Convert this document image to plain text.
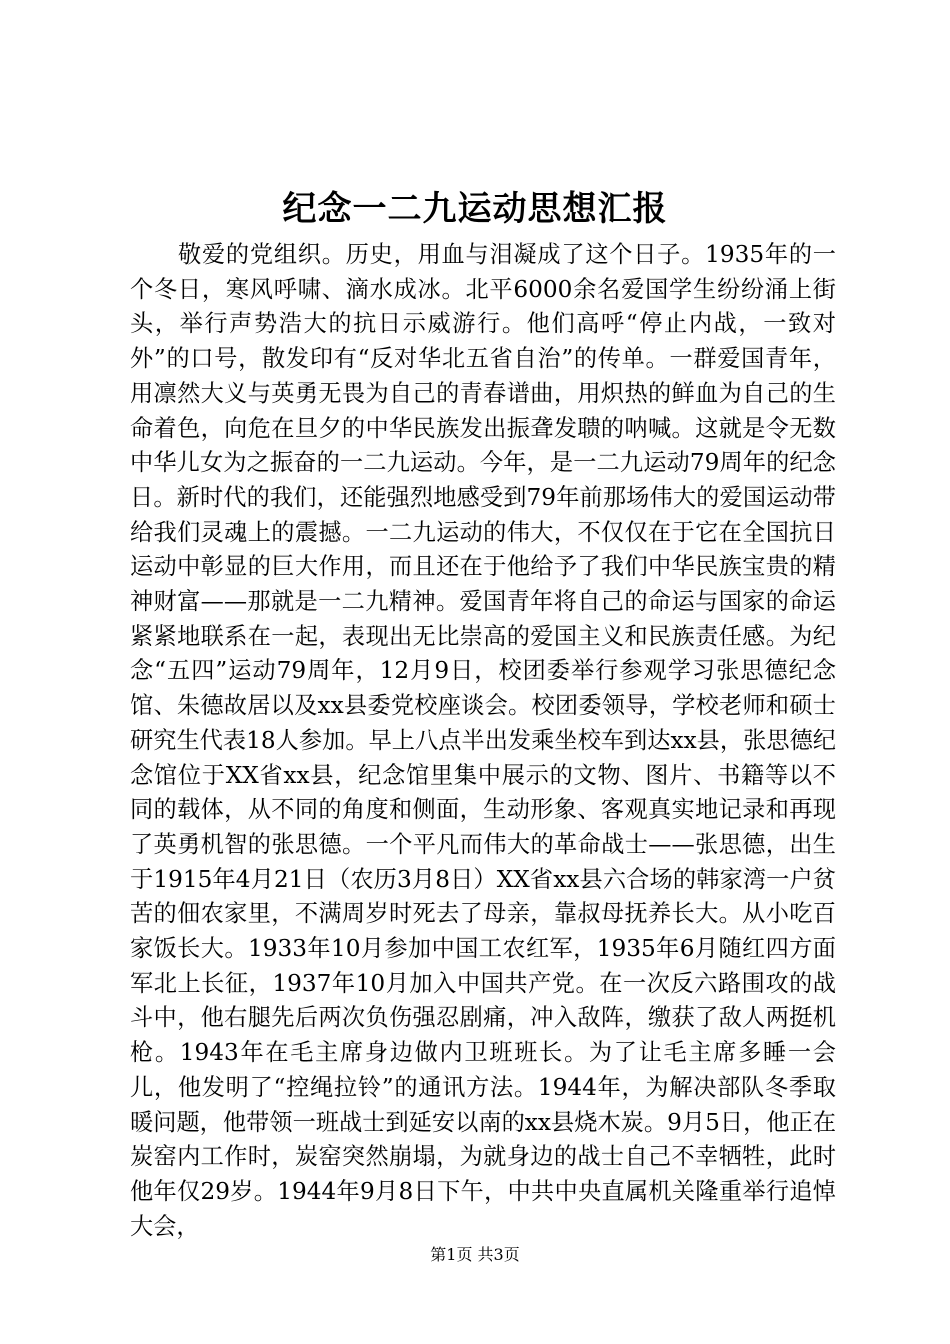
纪念一二九运动思想汇报

敬爱的党组织。历史，用血与泪凝成了这个日子。1935年的一个冬日，寒风呼啸、滴水成冰。北平6000余名爱国学生纷纷涌上街头，举行声势浩大的抗日示威游行。他们高呼“停止内战，一致对外”的口号，散发印有“反对华北五省自治”的传单。一群爱国青年，用凛然大义与英勇无畏为自己的青春谱曲，用炽热的鲜血为自己的生命着色，向危在旦夕的中华民族发出振聋发聩的呐喊。这就是令无数中华儿女为之振奋的一二九运动。今年，是一二九运动79周年的纪念日。新时代的我们，还能强烈地感受到79年前那场伟大的爱国运动带给我们灵魂上的震撼。一二九运动的伟大，不仅仅在于它在全国抗日运动中彰显的巨大作用，而且还在于他给予了我们中华民族宝贵的精神财富——那就是一二九精神。爱国青年将自己的命运与国家的命运紧紧地联系在一起，表现出无比崇高的爱国主义和民族责任感。为纪念“五四”运动79周年，12月9日，校团委举行参观学习张思德纪念馆、朱德故居以及xx县委党校座谈会。校团委领导，学校老师和硕士研究生代表18人参加。早上八点半出发乘坐校车到达xx县，张思德纪念馆位于XX省xx县，纪念馆里集中展示的文物、图片、书籍等以不同的载体，从不同的角度和侧面，生动形象、客观真实地记录和再现了英勇机智的张思德。一个平凡而伟大的革命战士——张思德，出生于1915年4月21日（农历3月8日）XX省xx县六合场的韩家湾一户贫苦的佃农家里，不满周岁时死去了母亲，靠叔母抚养长大。从小吃百家饭长大。1933年10月参加中国工农红军，1935年6月随红四方面军北上长征，1937年10月加入中国共产党。在一次反六路围攻的战斗中，他右腿先后两次负伤强忍剧痛，冲入敌阵，缴获了敌人两挺机枪。1943年在毛主席身边做内卫班班长。为了让毛主席多睡一会儿，他发明了“控绳拉铃”的通讯方法。1944年，为解决部队冬季取暖问题，他带领一班战士到延安以南的xx县烧木炭。9月5日，他正在炭窑内工作时，炭窑突然崩塌，为就身边的战士自己不幸牺牲，此时他年仅29岁。1944年9月8日下午，中共中央直属机关隆重举行追悼大会，

第1页 共3页
